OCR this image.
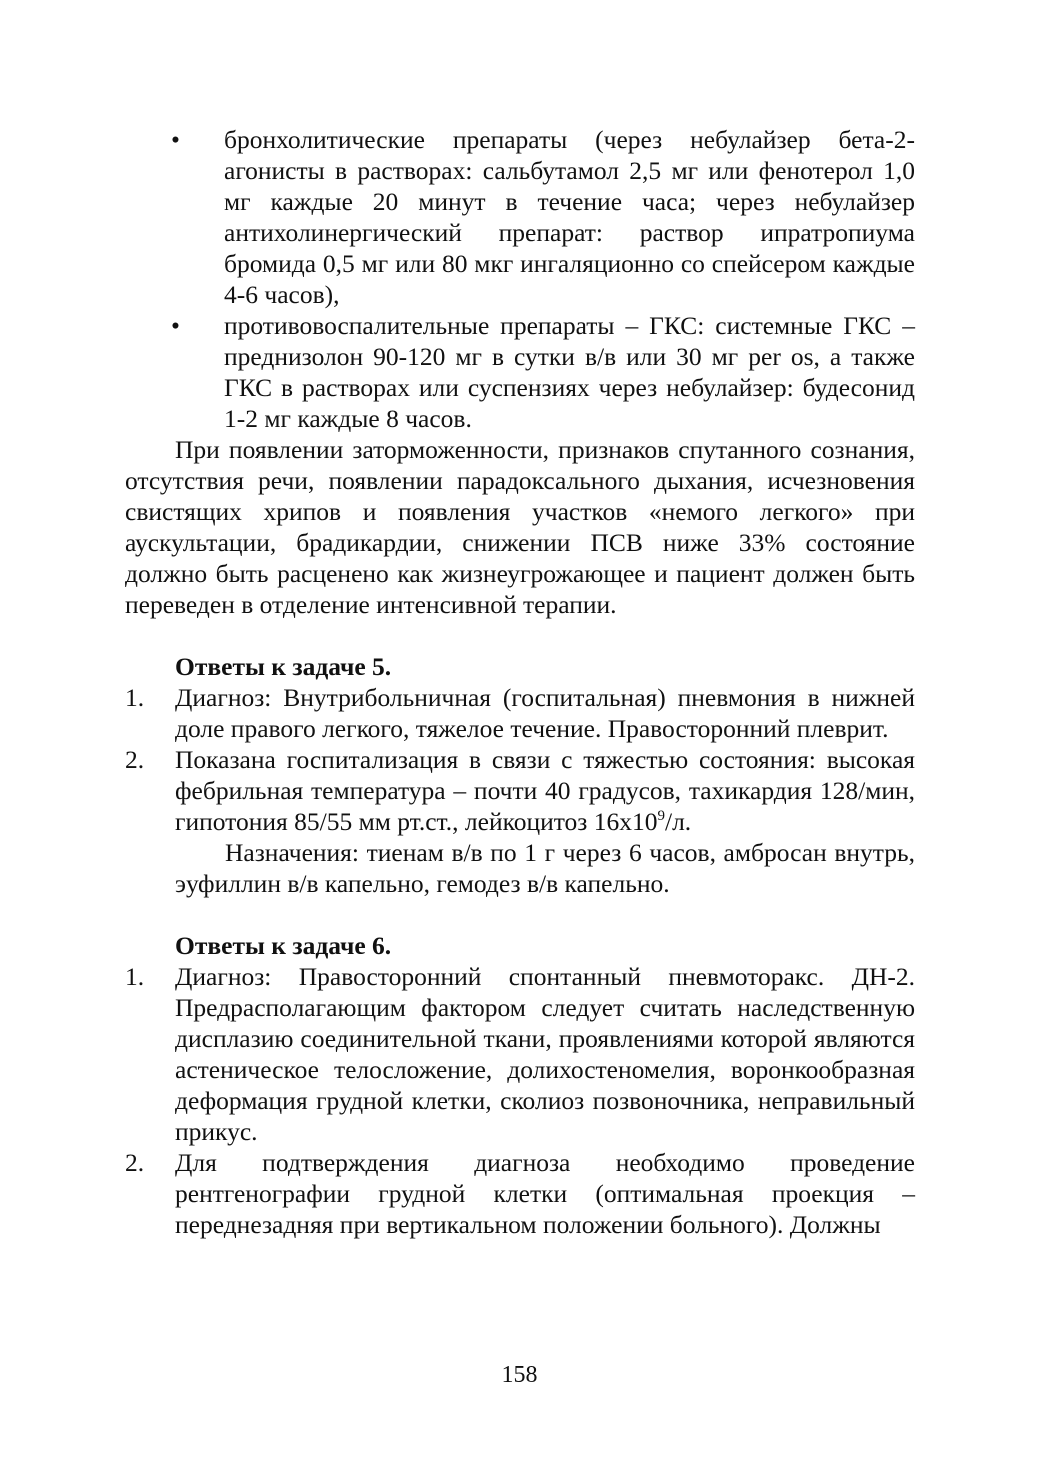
• бронхолитические препараты (через небулайзер бета-2-агонисты в растворах: сальбутамол 2,5 мг или фенотерол 1,0 мг каждые 20 минут в течение часа; через небулайзер антихолинергический препарат: раствор ипратропиума бромида 0,5 мг или 80 мкг ингаляционно со спейсером каждые 4-6 часов),
• противовоспалительные препараты – ГКС: системные ГКС – преднизолон 90-120 мг в сутки в/в или 30 мг per os, а также ГКС в растворах или суспензиях через небулайзер: будесонид 1-2 мг каждые 8 часов.

При появлении заторможенности, признаков спутанного сознания, отсутствия речи, появлении парадоксального дыхания, исчезновения свистящих хрипов и появления участков «немого легкого» при аускультации, брадикардии, снижении ПСВ ниже 33% состояние должно быть расценено как жизнеугрожающее и пациент должен быть переведен в отделение интенсивной терапии.

Ответы к задаче 5.
1. Диагноз: Внутрибольничная (госпитальная) пневмония в нижней доле правого легкого, тяжелое течение. Правосторонний плеврит.
2. Показана госпитализация в связи с тяжестью состояния: высокая фебрильная температура – почти 40 градусов, тахикардия 128/мин, гипотония 85/55 мм рт.ст., лейкоцитоз $16х10^9/л$.
Назначения: тиенам в/в по 1 г через 6 часов, амбросан внутрь, эуфиллин в/в капельно, гемодез в/в капельно.
Ответы к задаче 6.
1. Диагноз: Правосторонний спонтанный пневмоторакс. ДН-2. Предрасполагающим фактором следует считать наследственную дисплазию соединительной ткани, проявлениями которой являются астеническое телосложение, долихостеномелия, воронкообразная деформация грудной клетки, сколиоз позвоночника, неправильный прикус.
2. Для подтверждения диагноза необходимо проведение рентгенографии грудной клетки (оптимальная проекция – переднезадняя при вертикальном положении больного). Должны
158
